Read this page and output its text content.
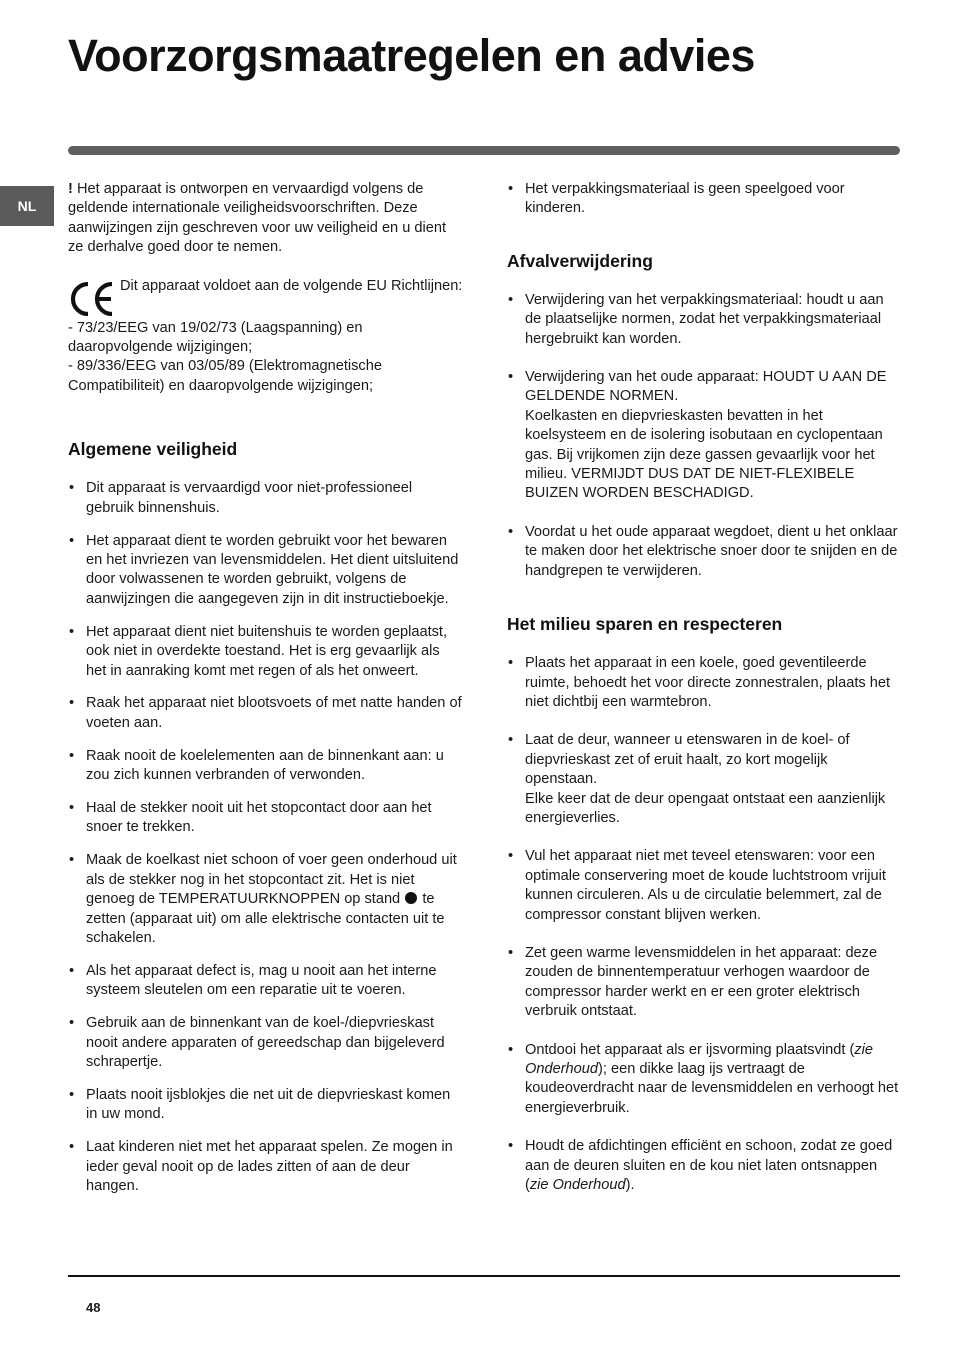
Voorzorgsmaatregelen en advies
NL

! Het apparaat is ontworpen en vervaardigd volgens de geldende internationale veiligheidsvoorschriften. Deze aanwijzingen zijn geschreven voor uw veiligheid en u dient ze derhalve goed door te nemen.

Dit apparaat voldoet aan de volgende EU Richtlijnen:

- 73/23/EEG van 19/02/73 (Laagspanning) en daaropvolgende wijzigingen;

- 89/336/EEG van 03/05/89 (Elektromagnetische Compatibiliteit) en daaropvolgende wijzigingen;

Algemene veiligheid
• Dit apparaat is vervaardigd voor niet-professioneel gebruik binnenshuis.
• Het apparaat dient te worden gebruikt voor het bewaren en het invriezen van levensmiddelen. Het dient uitsluitend door volwassenen te worden gebruikt, volgens de aanwijzingen die aangegeven zijn in dit instructieboekje.
• Het apparaat dient niet buitenshuis te worden geplaatst, ook niet in overdekte toestand. Het is erg gevaarlijk als het in aanraking komt met regen of als het onweert.
• Raak het apparaat niet blootsvoets of met natte handen of voeten aan.
• Raak nooit de koelelementen aan de binnenkant aan: u zou zich kunnen verbranden of verwonden.
• Haal de stekker nooit uit het stopcontact door aan het snoer te trekken.
• Maak de koelkast niet schoon of voer geen onderhoud uit als de stekker nog in het stopcontact zit. Het is niet genoeg de TEMPERATUURKNOPPEN op stand te zetten (apparaat uit) om alle elektrische contacten uit te schakelen.
• Als het apparaat defect is, mag u nooit aan het interne systeem sleutelen om een reparatie uit te voeren.
• Gebruik aan de binnenkant van de koel-/diepvrieskast nooit andere apparaten of gereedschap dan bijgeleverd schrapertje.
• Plaats nooit ijsblokjes die net uit de diepvrieskast komen in uw mond.
• Laat kinderen niet met het apparaat spelen. Ze mogen in ieder geval nooit op de lades zitten of aan de deur hangen.
• Het verpakkingsmateriaal is geen speelgoed voor kinderen.
Afvalverwijdering
• Verwijdering van het verpakkingsmateriaal: houdt u aan de plaatselijke normen, zodat het verpakkingsmateriaal hergebruikt kan worden.

• Verwijdering van het oude apparaat: HOUDT U AAN DE GELDENDE NORMEN.

Koelkasten en diepvrieskasten bevatten in het koelsysteem en de isolering isobutaan en cyclopentaan gas. Bij vrijkomen zijn deze gassen gevaarlijk voor het milieu. VERMIJDT DUS DAT DE NIET-FLEXIBELE BUIZEN WORDEN BESCHADIGD.

• Voordat u het oude apparaat wegdoet, dient u het onklaar te maken door het elektrische snoer door te snijden en de handgrepen te verwijderen.
Het milieu sparen en respecteren
• Plaats het apparaat in een koele, goed geventileerde ruimte, behoedt het voor directe zonnestralen, plaats het niet dichtbij een warmtebron.

• Laat de deur, wanneer u etenswaren in de koel- of diepvrieskast zet of eruit haalt, zo kort mogelijk openstaan.

Elke keer dat de deur opengaat ontstaat een aanzienlijk energieverlies.

• Vul het apparaat niet met teveel etenswaren: voor een optimale conservering moet de koude luchtstroom vrijuit kunnen circuleren. Als u de circulatie belemmert, zal de compressor constant blijven werken.
• Zet geen warme levensmiddelen in het apparaat: deze zouden de binnentemperatuur verhogen waardoor de compressor harder werkt en er een groter elektrisch verbruik ontstaat.
• Ontdooi het apparaat als er ijsvorming plaatsvindt (zie Onderhoud); een dikke laag ijs vertraagt de koudeoverdracht naar de levensmiddelen en verhoogt het energieverbruik.
• Houdt de afdichtingen efficiënt en schoon, zodat ze goed aan de deuren sluiten en de kou niet laten ontsnappen (zie Onderhoud).
48
